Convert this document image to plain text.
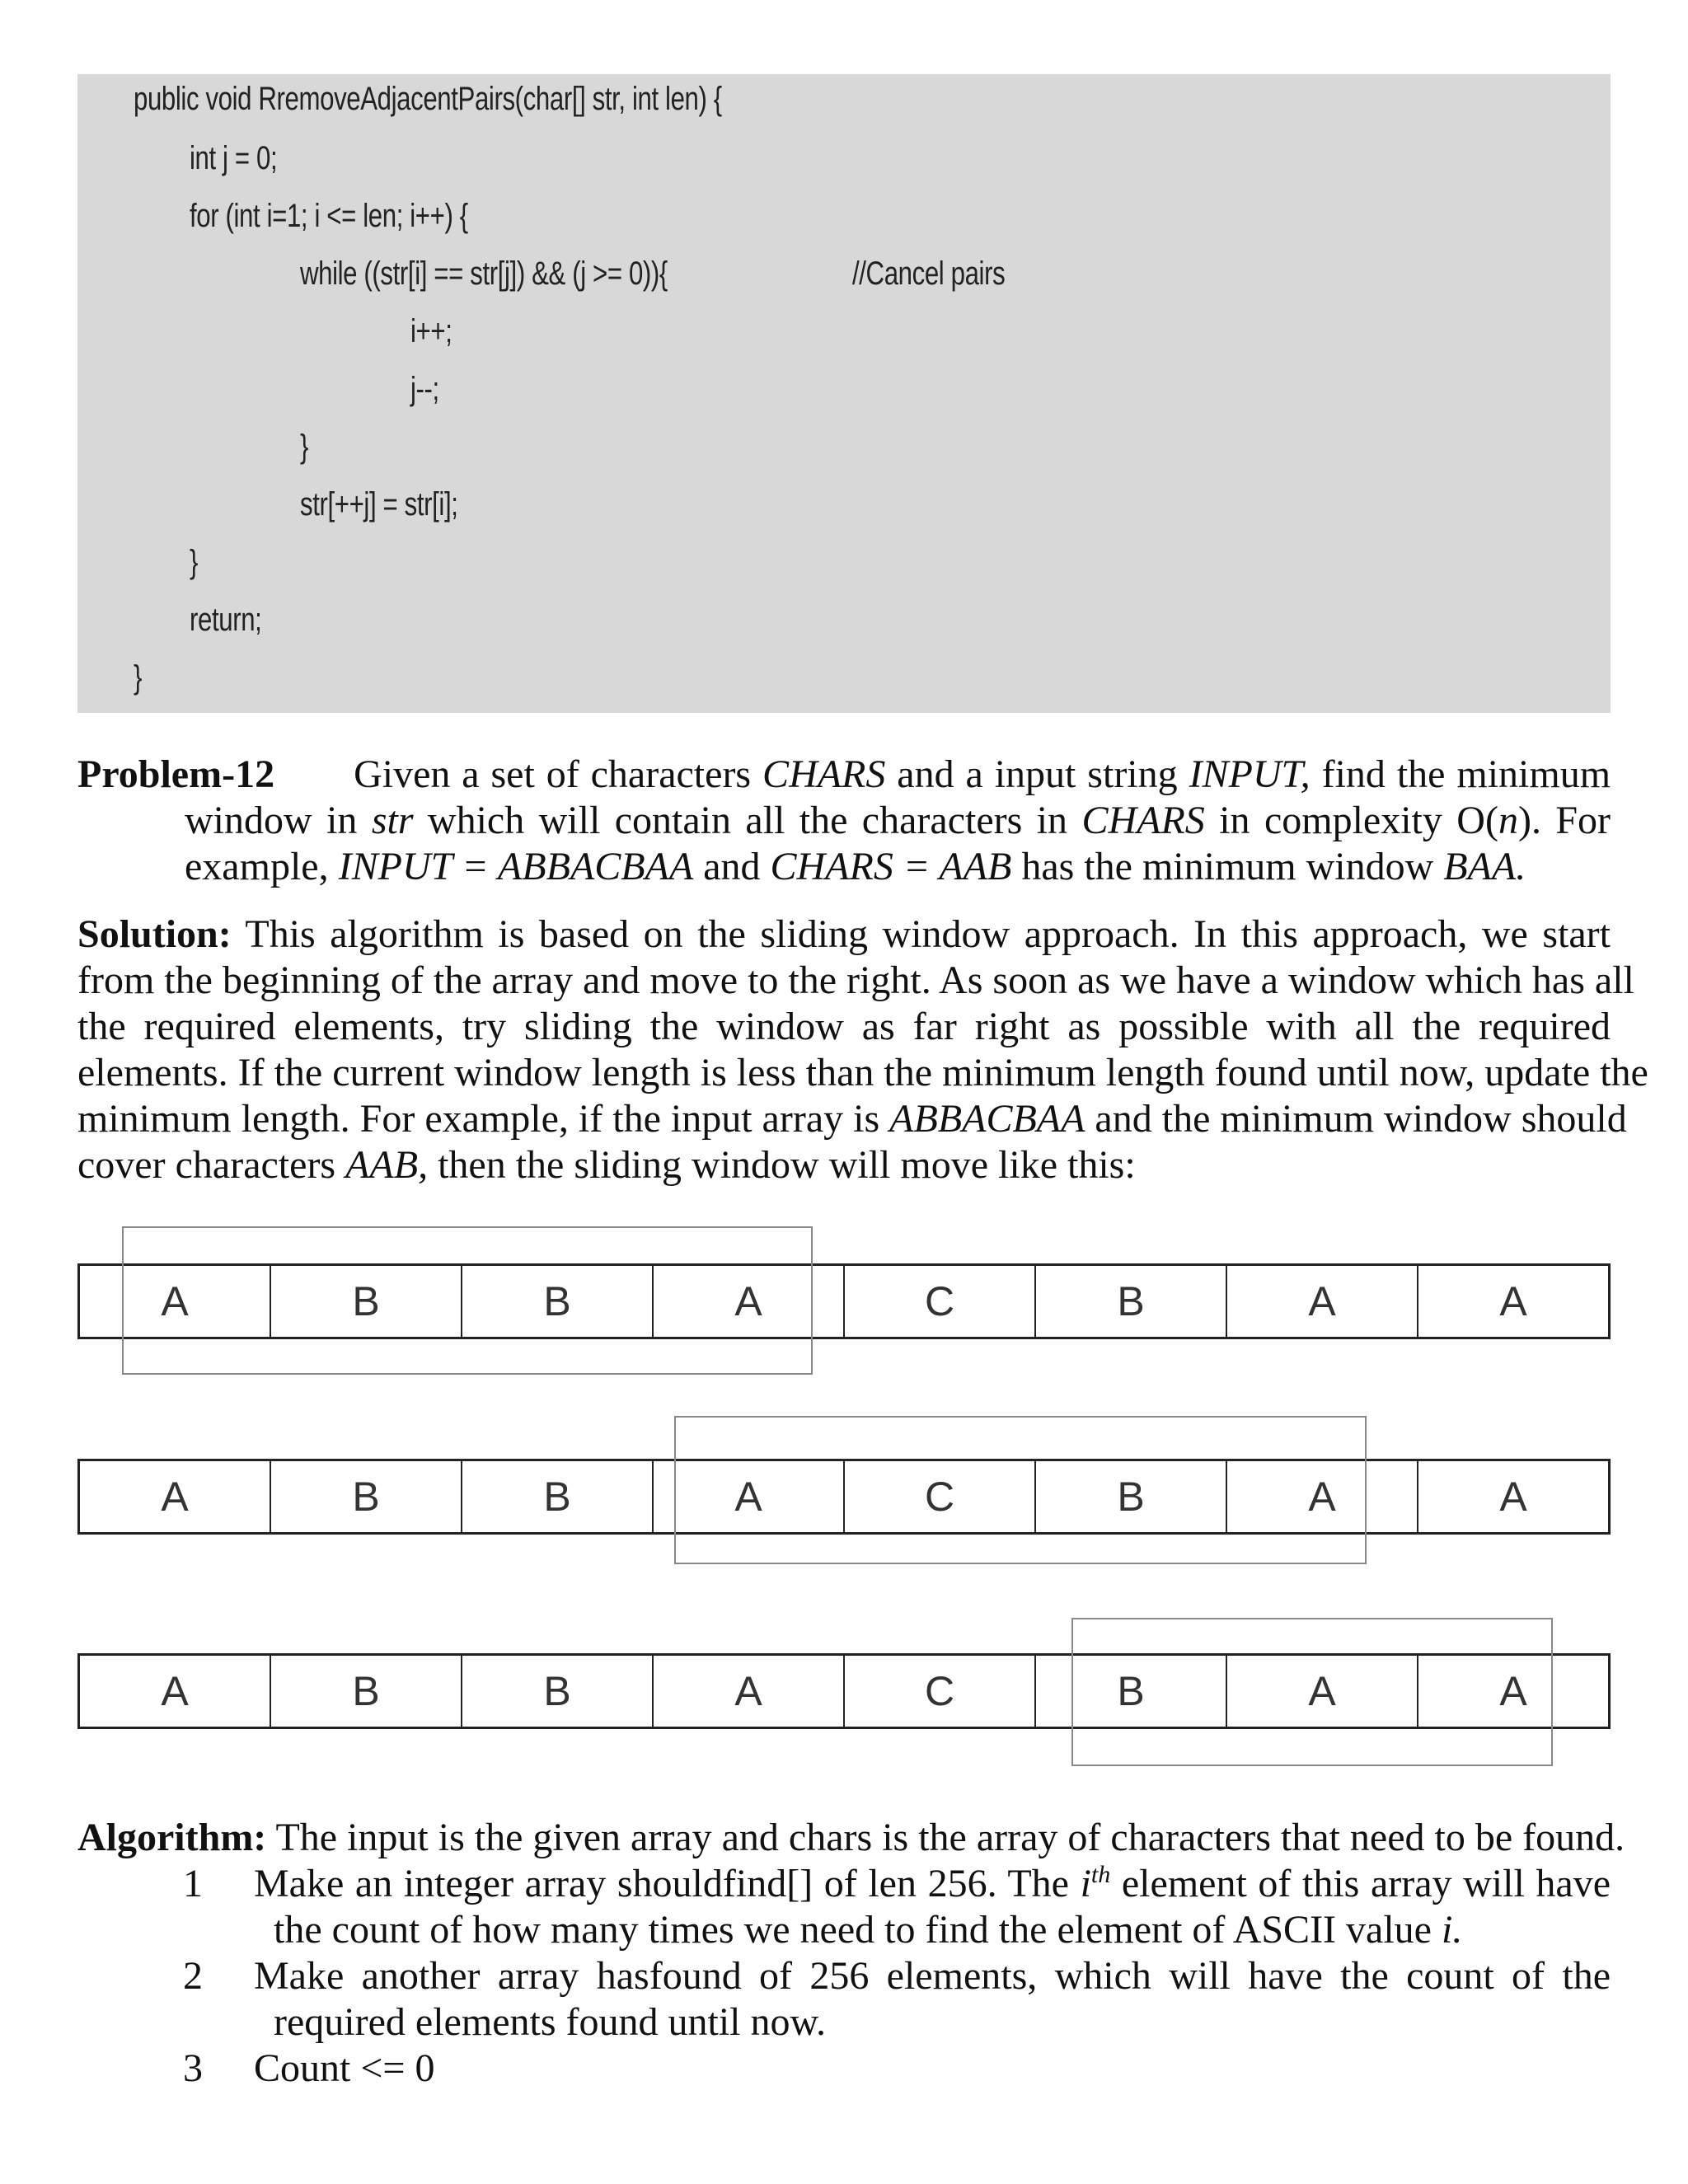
public void RremoveAdjacentPairs(char[] str, int len) {
int j = 0;
for (int i=1; i <= len; i++) {
while ((str[i] == str[j]) && (j >= 0)){	//Cancel pairs
i++;
j--;
}
str[++j] = str[i];
}
return;
}
Problem-12 Given a set of characters CHARS and a input string INPUT, find the minimum
window in str which will contain all the characters in CHARS in complexity O(n). For
example, INPUT = ABBACBAA and CHARS = AAB has the minimum window BAA.
Solution: This algorithm is based on the sliding window approach. In this approach, we start
from the beginning of the array and move to the right. As soon as we have a window which has all
the required elements, try sliding the window as far right as possible with all the required
elements. If the current window length is less than the minimum length found until now, update the
minimum length. For example, if the input array is ABBACBAA and the minimum window should
cover characters AAB, then the sliding window will move like this:
A	B	B	A	C	B	A	A
A	B	B	A	C	B	A	A
A	B	B	A	C	B	A	A
Algorithm: The input is the given array and chars is the array of characters that need to be found.
1 Make an integer array shouldfind[] of len 256. The $i^{th}$ element of this array will have
the count of how many times we need to find the element of ASCII value i.
2 Make another array hasfound of 256 elements, which will have the count of the
required elements found until now.
3 Count <= 0
